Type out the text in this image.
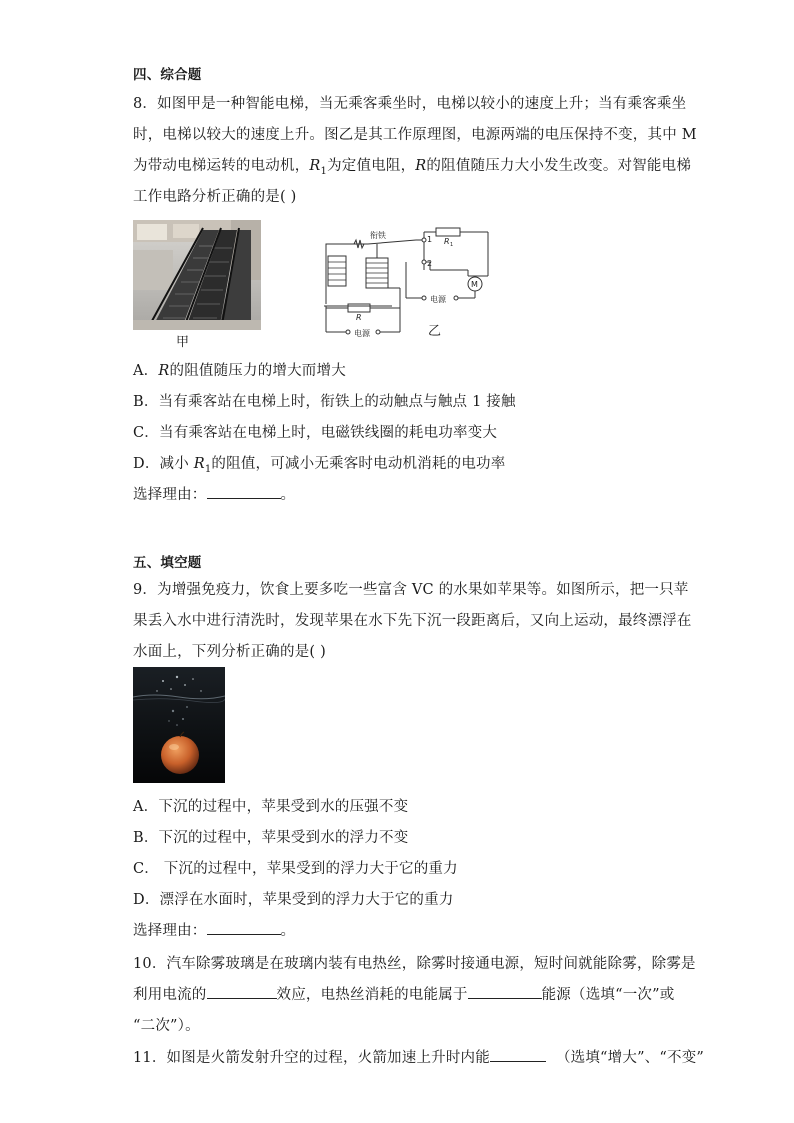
四、综合题
8．如图甲是一种智能电梯，当无乘客乘坐时，电梯以较小的速度上升；当有乘客乘坐
时，电梯以较大的速度上升。图乙是其工作原理图，电源两端的电压保持不变，其中 M
为带动电梯运转的电动机，$R_1$为定值电阻，R的阻值随压力大小发生改变。对智能电梯
工作电路分析正确的是( )
甲
衔铁	1
2
R 1
M
电源
R
电源	乙
A．R的阻值随压力的增大而增大
B．当有乘客站在电梯上时，衔铁上的动触点与触点 1 接触
C．当有乘客站在电梯上时，电磁铁线圈的耗电功率变大
D．减小 $R_1$的阻值，可减小无乘客时电动机消耗的电功率
选择理由：	。
五、填空题
9．为增强免疫力，饮食上要多吃一些富含 VC 的水果如苹果等。如图所示，把一只苹
果丢入水中进行清洗时，发现苹果在水下先下沉一段距离后，又向上运动，最终漂浮在
水面上，下列分析正确的是( )
A．下沉的过程中，苹果受到水的压强不变
B．下沉的过程中，苹果受到水的浮力不变
C． 下沉的过程中，苹果受到的浮力大于它的重力
D．漂浮在水面时，苹果受到的浮力大于它的重力
选择理由：	。
10．汽车除雾玻璃是在玻璃内装有电热丝，除雾时接通电源，短时间就能除雾，除雾是
利用电流的	效应，电热丝消耗的电能属于	能源（选填“一次”或
“二次”）。
11．如图是火箭发射升空的过程，火箭加速上升时内能	（选填“增大”、“不变”
